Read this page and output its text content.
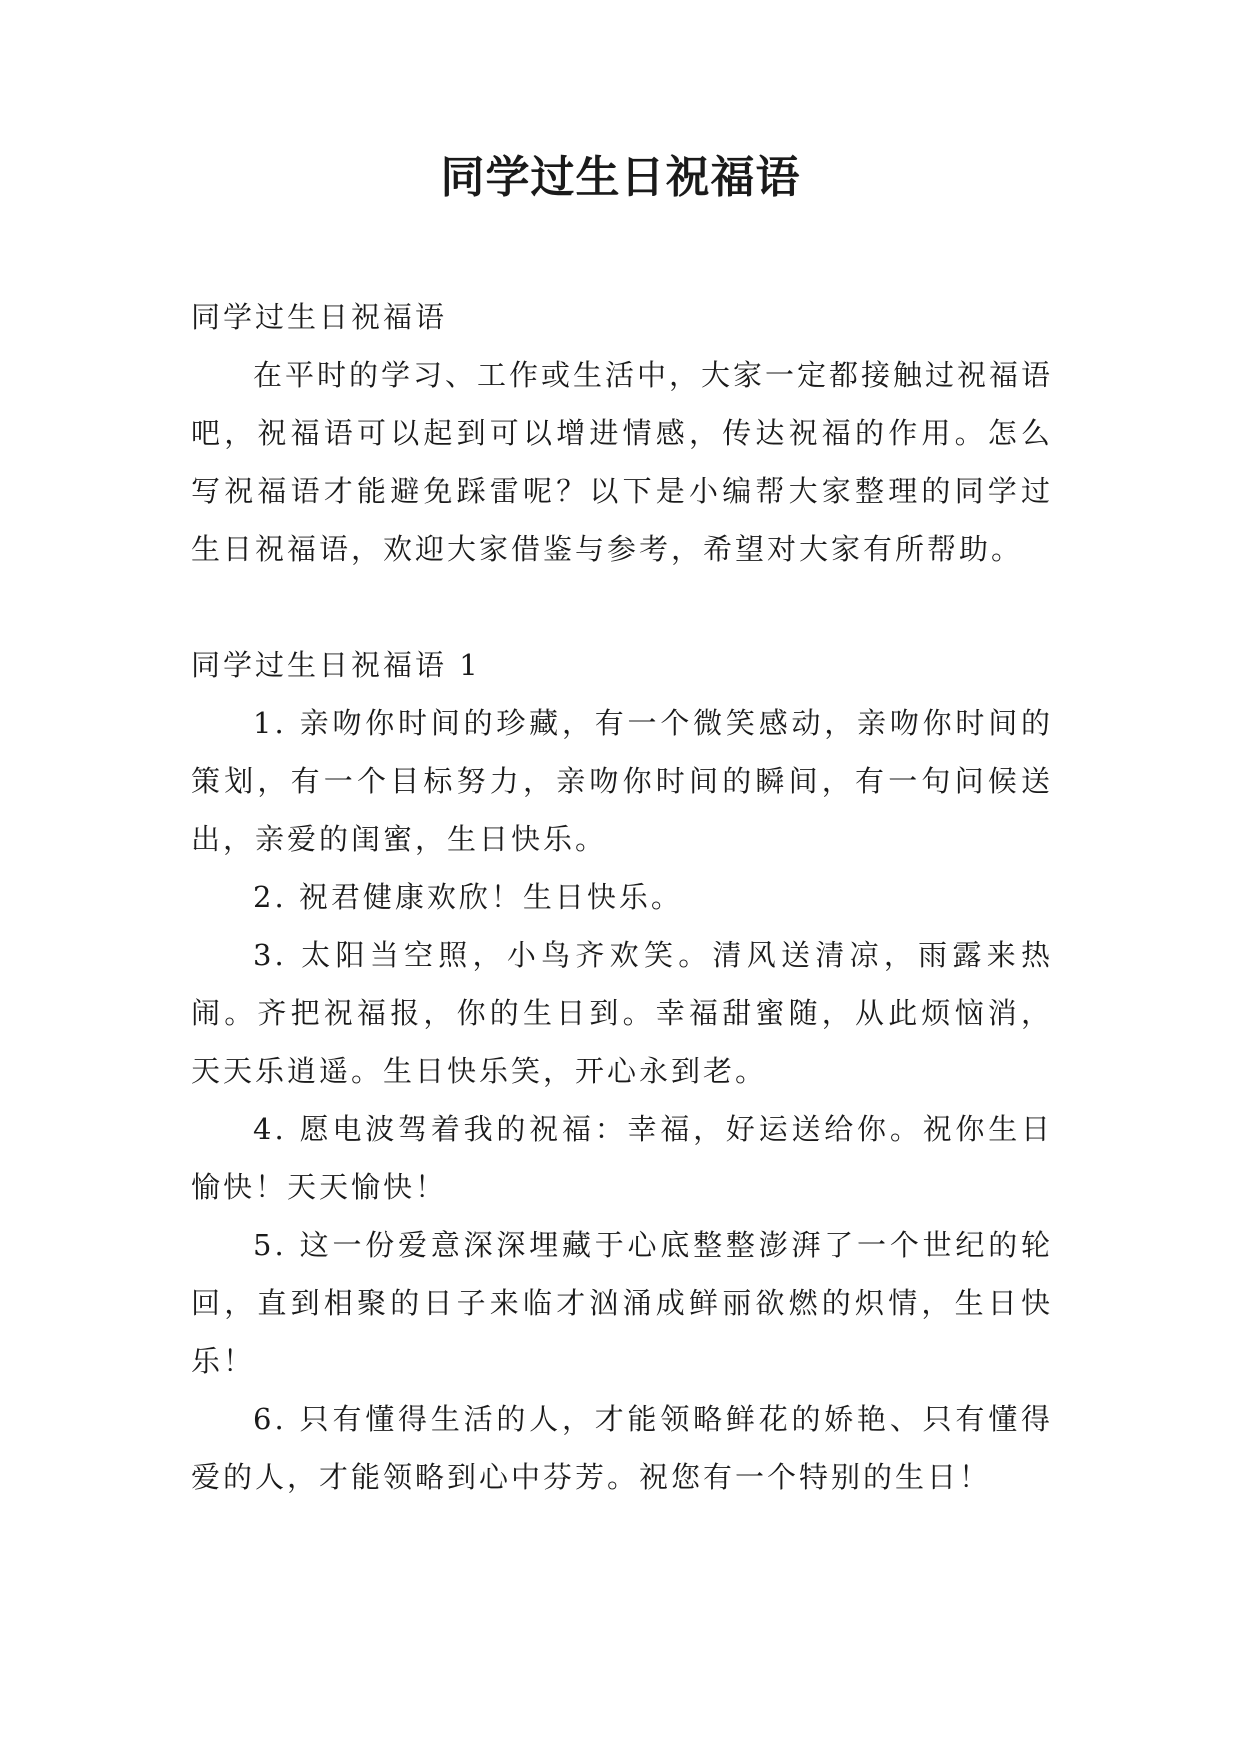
同学过生日祝福语

同学过生日祝福语

在平时的学习、工作或生活中，大家一定都接触过祝福语吧，祝福语可以起到可以增进情感，传达祝福的作用。怎么写祝福语才能避免踩雷呢？以下是小编帮大家整理的同学过生日祝福语，欢迎大家借鉴与参考，希望对大家有所帮助。

同学过生日祝福语 1

1. 亲吻你时间的珍藏，有一个微笑感动，亲吻你时间的策划，有一个目标努力，亲吻你时间的瞬间，有一句问候送出，亲爱的闺蜜，生日快乐。

2. 祝君健康欢欣！生日快乐。

3. 太阳当空照，小鸟齐欢笑。清风送清凉，雨露来热闹。齐把祝福报，你的生日到。幸福甜蜜随，从此烦恼消，天天乐逍遥。生日快乐笑，开心永到老。

4. 愿电波驾着我的祝福：幸福，好运送给你。祝你生日愉快！天天愉快！

5. 这一份爱意深深埋藏于心底整整澎湃了一个世纪的轮回，直到相聚的日子来临才汹涌成鲜丽欲燃的炽情，生日快乐！

6. 只有懂得生活的人，才能领略鲜花的娇艳、只有懂得爱的人，才能领略到心中芬芳。祝您有一个特别的生日！
